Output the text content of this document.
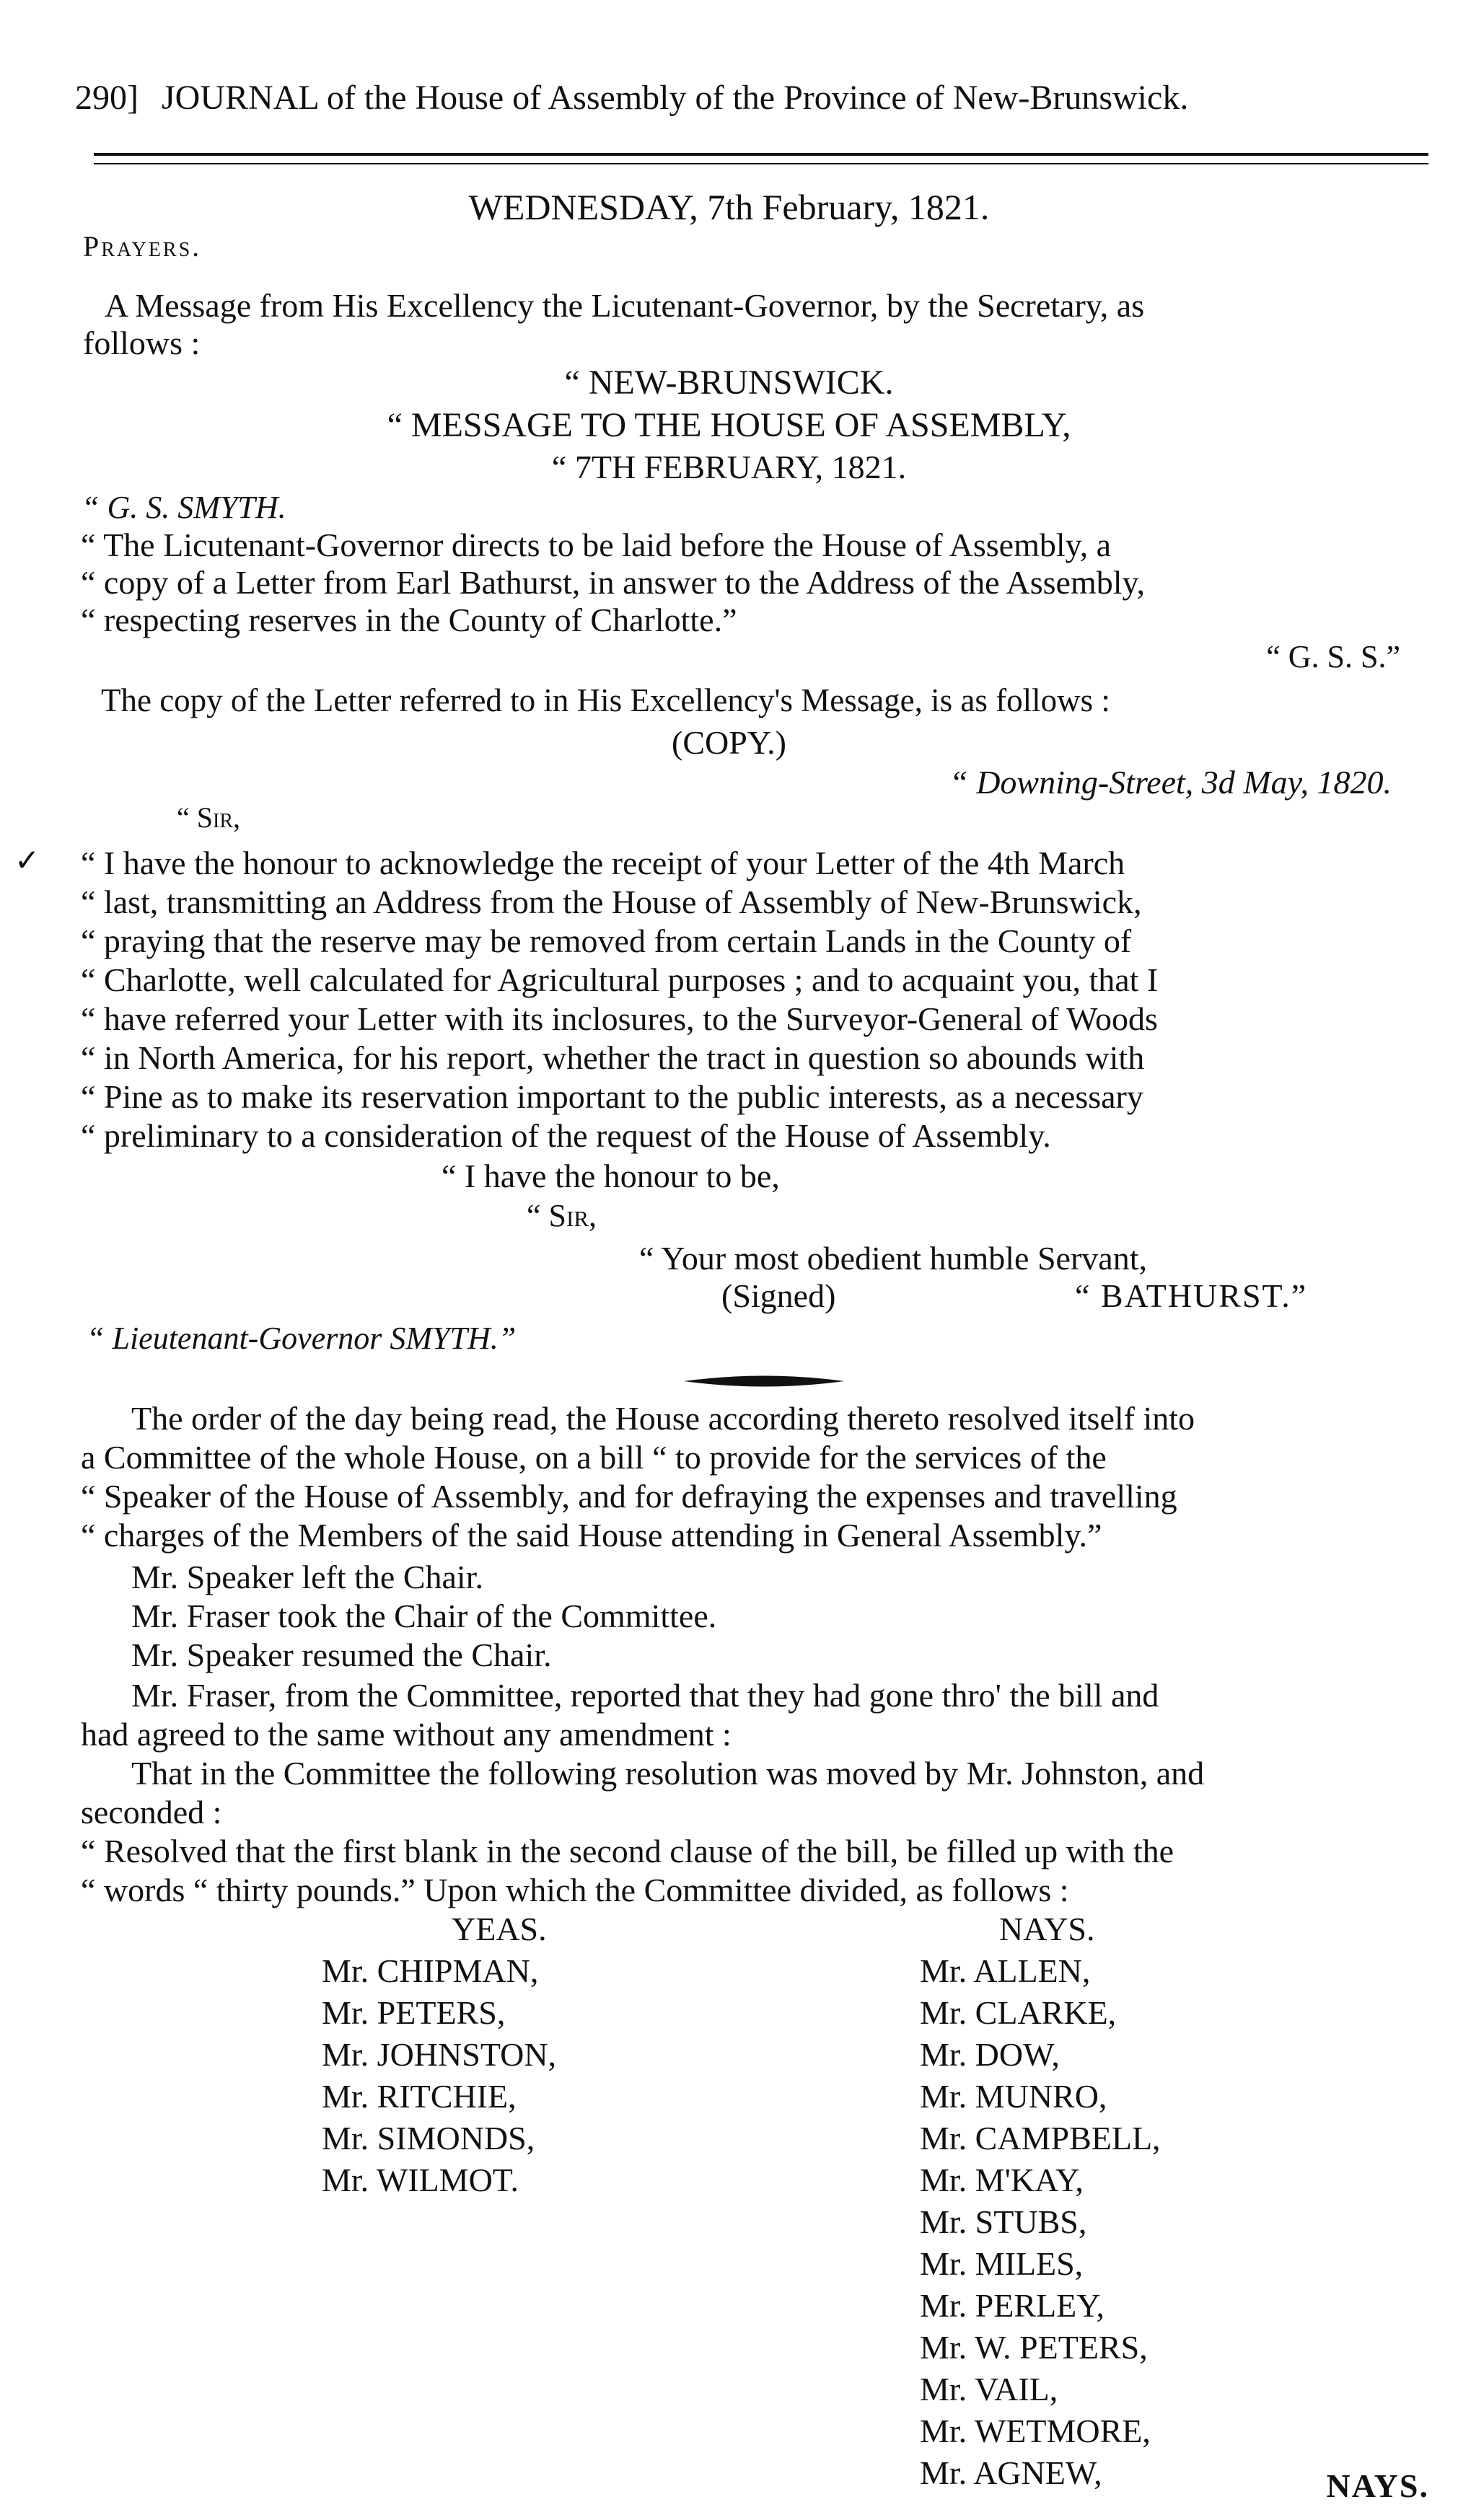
290] JOURNAL of the House of Assembly of the Province of New-Brunswick.
WEDNESDAY, 7th February, 1821.
Prayers.
A Message from His Excellency the Licutenant-Governor, by the Secretary, as
follows :
“ NEW-BRUNSWICK.
“ MESSAGE TO THE HOUSE OF ASSEMBLY,
“ 7TH FEBRUARY, 1821.
“ G. S. SMYTH.
“ The Licutenant-Governor directs to be laid before the House of Assembly, a
“ copy of a Letter from Earl Bathurst, in answer to the Address of the Assembly,
“ respecting reserves in the County of Charlotte.”
“ G. S. S.”
The copy of the Letter referred to in His Excellency's Message, is as follows :
(COPY.)
“ Downing-Street, 3d May, 1820.
“ Sir,
✓ “ I have the honour to acknowledge the receipt of your Letter of the 4th March
“ last, transmitting an Address from the House of Assembly of New-Brunswick,
“ praying that the reserve may be removed from certain Lands in the County of
“ Charlotte, well calculated for Agricultural purposes ; and to acquaint you, that I
“ have referred your Letter with its inclosures, to the Surveyor-General of Woods
“ in North America, for his report, whether the tract in question so abounds with
“ Pine as to make its reservation important to the public interests, as a necessary
“ preliminary to a consideration of the request of the House of Assembly.
“ I have the honour to be,
“ Sir,
“ Your most obedient humble Servant,
(Signed)	“ BATHURST.”
“ Lieutenant-Governor SMYTH.”
The order of the day being read, the House according thereto resolved itself into
a Committee of the whole House, on a bill “ to provide for the services of the
“ Speaker of the House of Assembly, and for defraying the expenses and travelling
“ charges of the Members of the said House attending in General Assembly.”
Mr. Speaker left the Chair.
Mr. Fraser took the Chair of the Committee.
Mr. Speaker resumed the Chair.
Mr. Fraser, from the Committee, reported that they had gone thro' the bill and
had agreed to the same without any amendment :
That in the Committee the following resolution was moved by Mr. Johnston, and
seconded :
“ Resolved that the first blank in the second clause of the bill, be filled up with the
“ words “ thirty pounds.” Upon which the Committee divided, as follows :
YEAS.
Mr. CHIPMAN,
Mr. PETERS,
Mr. JOHNSTON,
Mr. RITCHIE,
Mr. SIMONDS,
Mr. WILMOT.
NAYS.
Mr. ALLEN,
Mr. CLARKE,
Mr. DOW,
Mr. MUNRO,
Mr. CAMPBELL,
Mr. M'KAY,
Mr. STUBS,
Mr. MILES,
Mr. PERLEY,
Mr. W. PETERS,
Mr. VAIL,
Mr. WETMORE,
Mr. AGNEW,	NAYS.
